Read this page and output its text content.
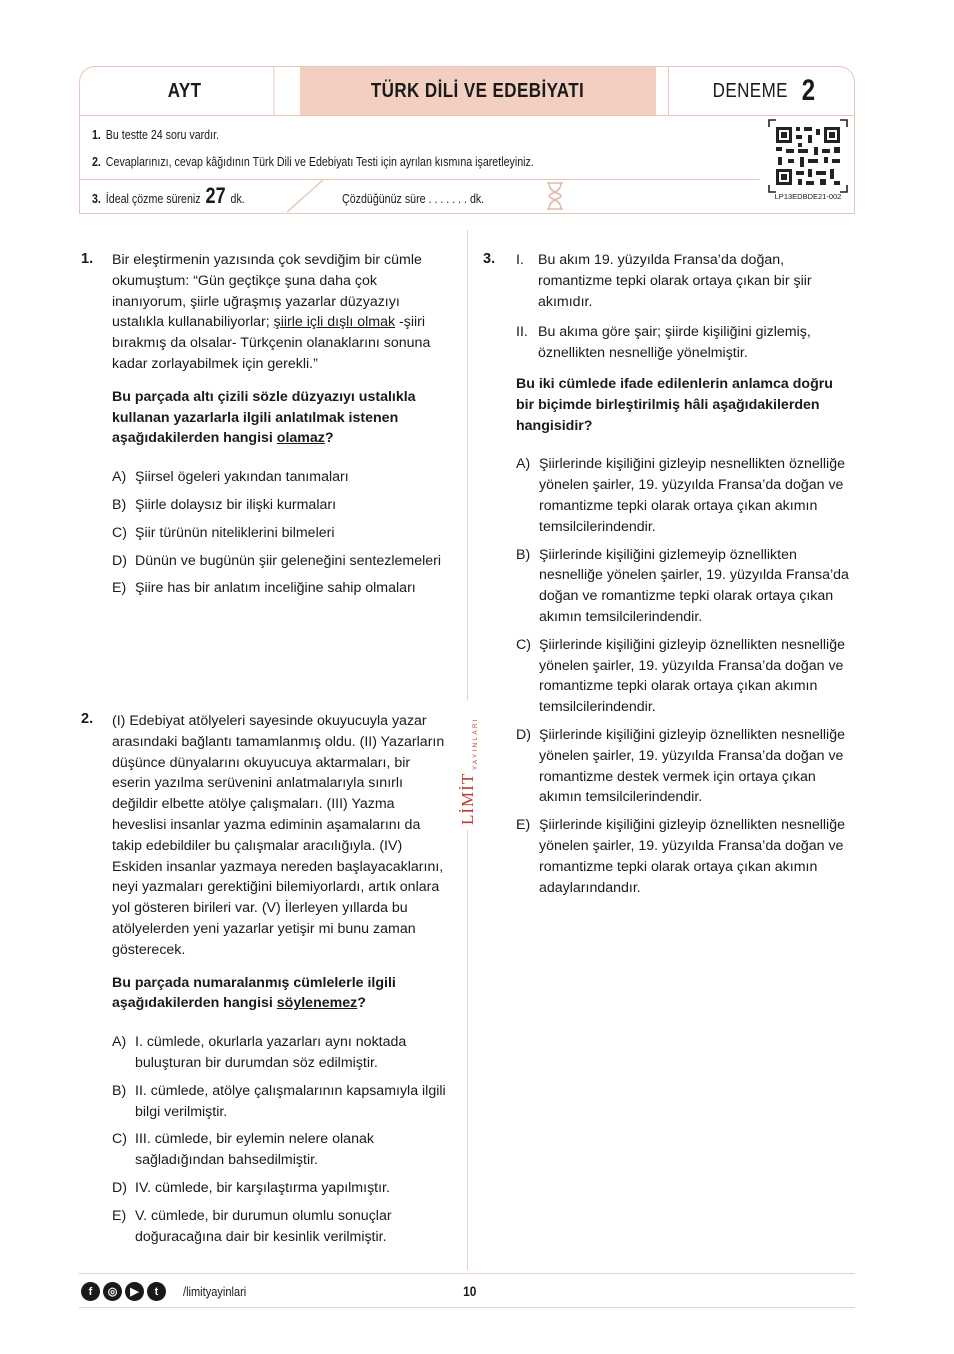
AYT	TÜRK DİLİ VE EDEBİYATI	DENEME 2
1. Bu testte 24 soru vardır.
2. Cevaplarınızı, cevap kâğıdının Türk Dili ve Edebiyatı Testi için ayrılan kısmına işaretleyiniz.
3. İdeal çözme süreniz 27 dk.	Çözdüğünüz süre . . . . . . . dk.	LP13EDBDE21-002
LİMİT
YAYINLARI
1. Bir eleştirmenin yazısında çok sevdiğim bir cümle okumuştum: “Gün geçtikçe şuna daha çok inanıyorum, şiirle uğraşmış yazarlar düzyazıyı ustalıkla kullanabiliyorlar; şiirle içli dışlı olmak -şiiri bırakmış da olsalar- Türkçenin olanaklarını sonuna kadar zorlayabilmek için gerekli.”
Bu parçada altı çizili sözle düzyazıyı ustalıkla kullanan yazarlarla ilgili anlatılmak istenen aşağıdakilerden hangisi olamaz?
A) Şiirsel ögeleri yakından tanımaları
B) Şiirle dolaysız bir ilişki kurmaları
C) Şiir türünün niteliklerini bilmeleri
D) Dünün ve bugünün şiir geleneğini sentezlemeleri
E) Şiire has bir anlatım inceliğine sahip olmaları
2. (I) Edebiyat atölyeleri sayesinde okuyucuyla yazar arasındaki bağlantı tamamlanmış oldu. (II) Yazarların düşünce dünyalarını okuyucuya aktarmaları, bir eserin yazılma serüvenini anlatmalarıyla sınırlı değildir elbette atölye çalışmaları. (III) Yazma heveslisi insanlar yazma ediminin aşamalarını da takip edebildiler bu çalışmalar aracılığıyla. (IV) Eskiden insanlar yazmaya nereden başlayacaklarını, neyi yazmaları gerektiğini bilemiyorlardı, artık onlara yol gösteren birileri var. (V) İlerleyen yıllarda bu atölyelerden yeni yazarlar yetişir mi bunu zaman gösterecek.
Bu parçada numaralanmış cümlelerle ilgili aşağıdakilerden hangisi söylenemez?
A) I. cümlede, okurlarla yazarları aynı noktada buluşturan bir durumdan söz edilmiştir.
B) II. cümlede, atölye çalışmalarının kapsamıyla ilgili bilgi verilmiştir.
C) III. cümlede, bir eylemin nelere olanak sağladığından bahsedilmiştir.
D) IV. cümlede, bir karşılaştırma yapılmıştır.
E) V. cümlede, bir durumun olumlu sonuçlar doğuracağına dair bir kesinlik verilmiştir.
3. I. Bu akım 19. yüzyılda Fransa’da doğan, romantizme tepki olarak ortaya çıkan bir şiir akımıdır.
II. Bu akıma göre şair; şiirde kişiliğini gizlemiş, öznellikten nesnelliğe yönelmiştir.
Bu iki cümlede ifade edilenlerin anlamca doğru bir biçimde birleştirilmiş hâli aşağıdakilerden hangisidir?
A) Şiirlerinde kişiliğini gizleyip nesnellikten öznelliğe yönelen şairler, 19. yüzyılda Fransa’da doğan ve romantizme tepki olarak ortaya çıkan akımın temsilcilerindendir.
B) Şiirlerinde kişiliğini gizlemeyip öznellikten nesnelliğe yönelen şairler, 19. yüzyılda Fransa’da doğan ve romantizme tepki olarak ortaya çıkan akımın temsilcilerindendir.
C) Şiirlerinde kişiliğini gizleyip öznellikten nesnelliğe yönelen şairler, 19. yüzyılda Fransa’da doğan ve romantizme tepki olarak ortaya çıkan akımın temsilcilerindendir.
D) Şiirlerinde kişiliğini gizleyip öznellikten nesnelliğe yönelen şairler, 19. yüzyılda Fransa’da doğan ve romantizme destek vermek için ortaya çıkan akımın temsilcilerindendir.
E) Şiirlerinde kişiliğini gizleyip öznellikten nesnelliğe yönelen şairler, 19. yüzyılda Fransa’da doğan ve romantizme tepki olarak ortaya çıkan akımın adaylarındandır.
f	◎	▶	t	/limityayinlari	10
